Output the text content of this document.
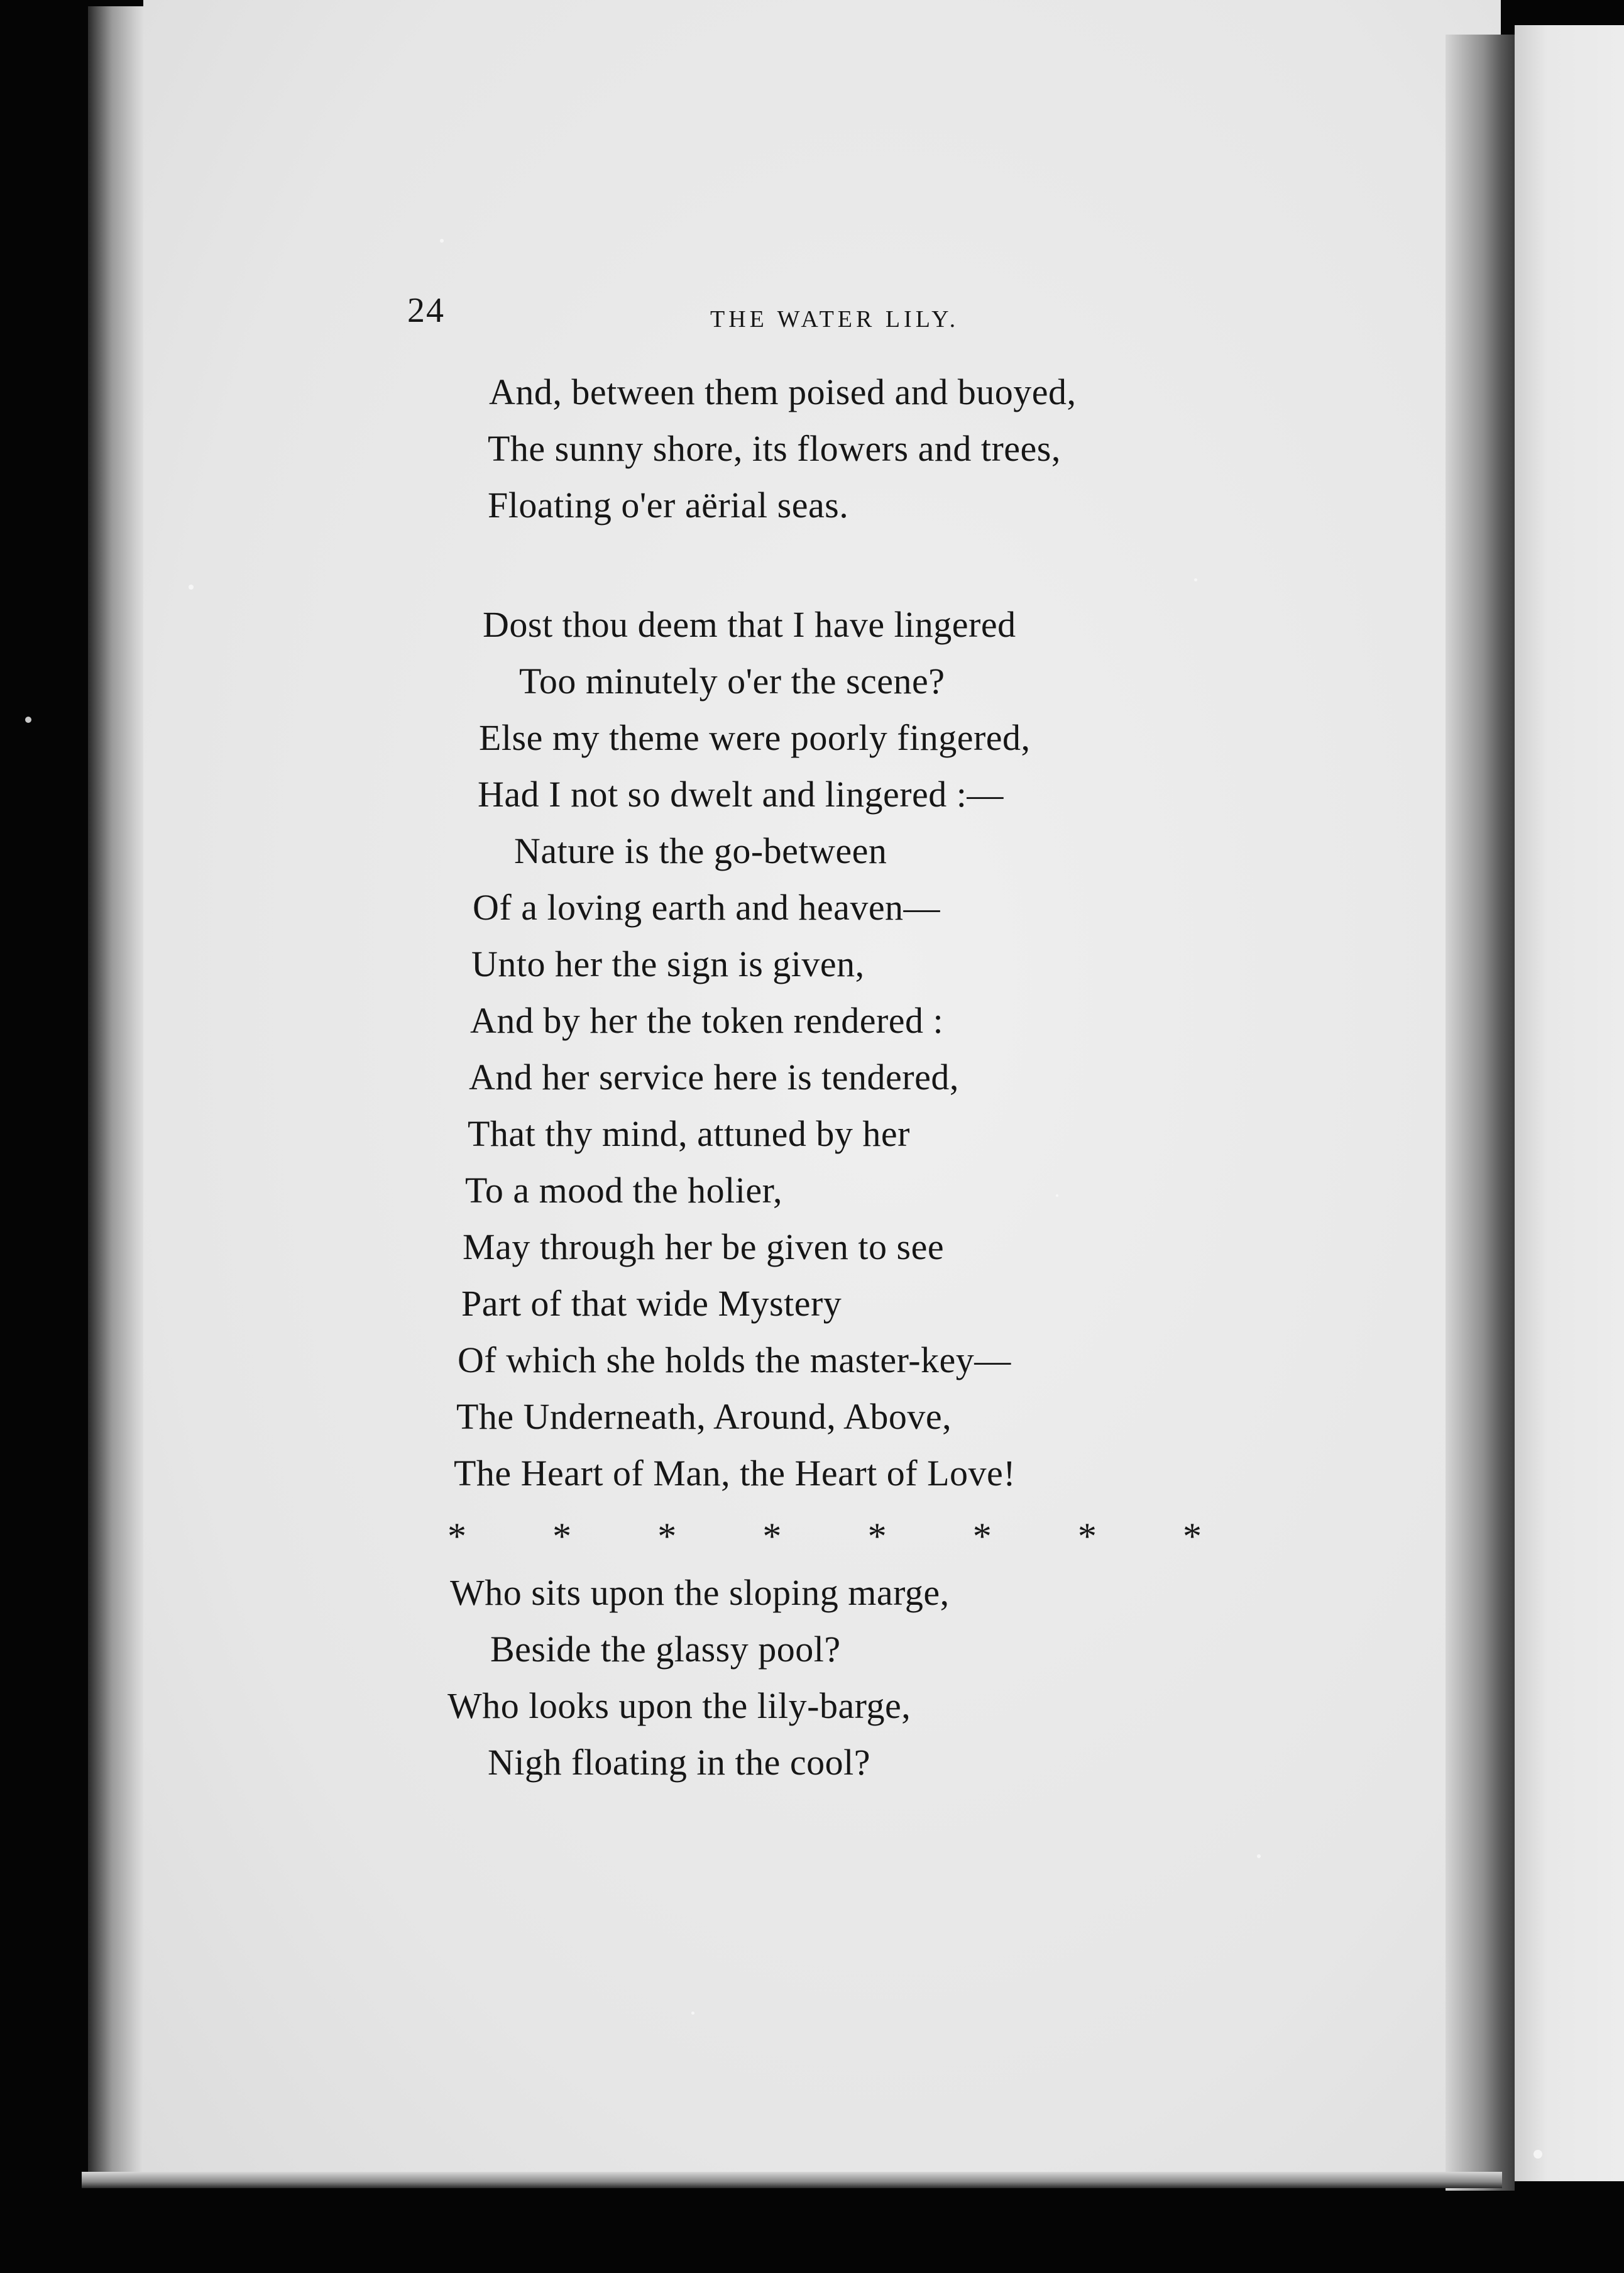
24	THE WATER LILY.
And, between them poised and buoyed,
The sunny shore, its flowers and trees,
Floating o'er aërial seas.
Dost thou deem that I have lingered
Too minutely o'er the scene?
Else my theme were poorly fingered,
Had I not so dwelt and lingered :—
Nature is the go-between
Of a loving earth and heaven—
Unto her the sign is given,
And by her the token rendered :
And her service here is tendered,
That thy mind, attuned by her
To a mood the holier,
May through her be given to see
Part of that wide Mystery
Of which she holds the master-key—
The Underneath, Around, Above,
The Heart of Man, the Heart of Love!
* * * * * * * *
Who sits upon the sloping marge,
Beside the glassy pool?
Who looks upon the lily-barge,
Nigh floating in the cool?
